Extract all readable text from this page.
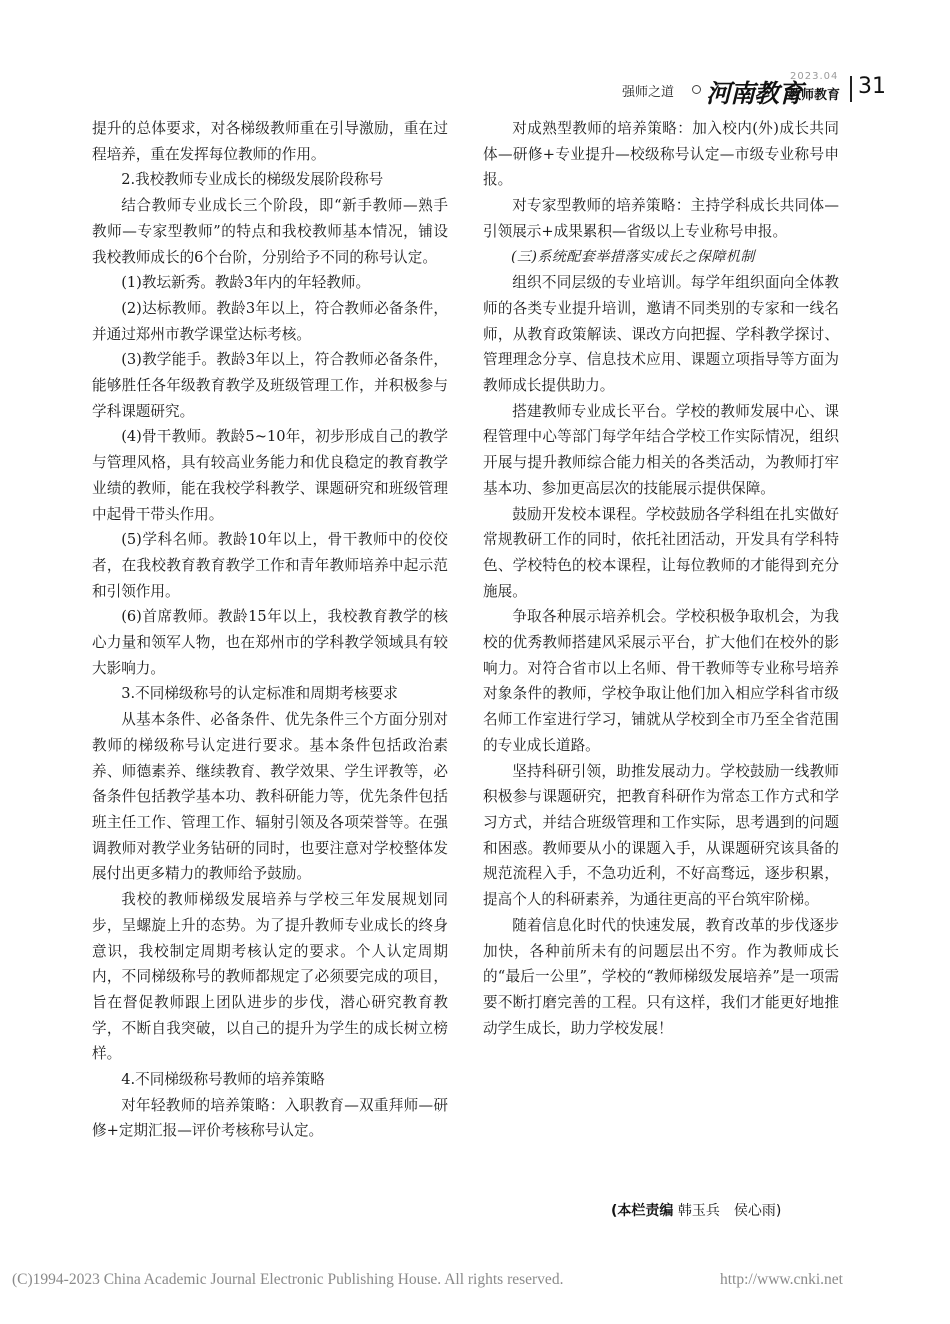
强师之道 河南教育
2023.04
教师教育 31

提升的总体要求，对各梯级教师重在引导激励，重在过程培养，重在发挥每位教师的作用。

2.我校教师专业成长的梯级发展阶段称号

结合教师专业成长三个阶段，即“新手教师—熟手教师—专家型教师”的特点和我校教师基本情况，铺设我校教师成长的6个台阶，分别给予不同的称号认定。

(1)教坛新秀。教龄3年内的年轻教师。

(2)达标教师。教龄3年以上，符合教师必备条件，并通过郑州市教学课堂达标考核。

(3)教学能手。教龄3年以上，符合教师必备条件，能够胜任各年级教育教学及班级管理工作，并积极参与学科课题研究。

(4)骨干教师。教龄5~10年，初步形成自己的教学与管理风格，具有较高业务能力和优良稳定的教育教学业绩的教师，能在我校学科教学、课题研究和班级管理中起骨干带头作用。

(5)学科名师。教龄10年以上，骨干教师中的佼佼者，在我校教育教育教学工作和青年教师培养中起示范和引领作用。

(6)首席教师。教龄15年以上，我校教育教学的核心力量和领军人物，也在郑州市的学科教学领域具有较大影响力。

3.不同梯级称号的认定标准和周期考核要求

从基本条件、必备条件、优先条件三个方面分别对教师的梯级称号认定进行要求。基本条件包括政治素养、师德素养、继续教育、教学效果、学生评教等，必备条件包括教学基本功、教科研能力等，优先条件包括班主任工作、管理工作、辐射引领及各项荣誉等。在强调教师对教学业务钻研的同时，也要注意对学校整体发展付出更多精力的教师给予鼓励。

我校的教师梯级发展培养与学校三年发展规划同步，呈螺旋上升的态势。为了提升教师专业成长的终身意识，我校制定周期考核认定的要求。个人认定周期内，不同梯级称号的教师都规定了必须要完成的项目，旨在督促教师跟上团队进步的步伐，潜心研究教育教学，不断自我突破，以自己的提升为学生的成长树立榜样。

4.不同梯级称号教师的培养策略

对年轻教师的培养策略：入职教育—双重拜师—研修+定期汇报—评价考核称号认定。

对成熟型教师的培养策略：加入校内(外)成长共同体—研修+专业提升—校级称号认定—市级专业称号申报。

对专家型教师的培养策略：主持学科成长共同体—引领展示+成果累积—省级以上专业称号申报。

(三)系统配套举措落实成长之保障机制

组织不同层级的专业培训。每学年组织面向全体教师的各类专业提升培训，邀请不同类别的专家和一线名师，从教育政策解读、课改方向把握、学科教学探讨、管理理念分享、信息技术应用、课题立项指导等方面为教师成长提供助力。

搭建教师专业成长平台。学校的教师发展中心、课程管理中心等部门每学年结合学校工作实际情况，组织开展与提升教师综合能力相关的各类活动，为教师打牢基本功、参加更高层次的技能展示提供保障。

鼓励开发校本课程。学校鼓励各学科组在扎实做好常规教研工作的同时，依托社团活动，开发具有学科特色、学校特色的校本课程，让每位教师的才能得到充分施展。

争取各种展示培养机会。学校积极争取机会，为我校的优秀教师搭建风采展示平台，扩大他们在校外的影响力。对符合省市以上名师、骨干教师等专业称号培养对象条件的教师，学校争取让他们加入相应学科省市级名师工作室进行学习，铺就从学校到全市乃至全省范围的专业成长道路。

坚持科研引领，助推发展动力。学校鼓励一线教师积极参与课题研究，把教育科研作为常态工作方式和学习方式，并结合班级管理和工作实际，思考遇到的问题和困惑。教师要从小的课题入手，从课题研究该具备的规范流程入手，不急功近利，不好高骛远，逐步积累，提高个人的科研素养，为通往更高的平台筑牢阶梯。

随着信息化时代的快速发展，教育改革的步伐逐步加快，各种前所未有的问题层出不穷。作为教师成长的“最后一公里”，学校的“教师梯级发展培养”是一项需要不断打磨完善的工程。只有这样，我们才能更好地推动学生成长，助力学校发展！

(本栏责编 韩玉兵　侯心雨)
(C)1994-2023 China Academic Journal Electronic Publishing House. All rights reserved.	http://www.cnki.net
